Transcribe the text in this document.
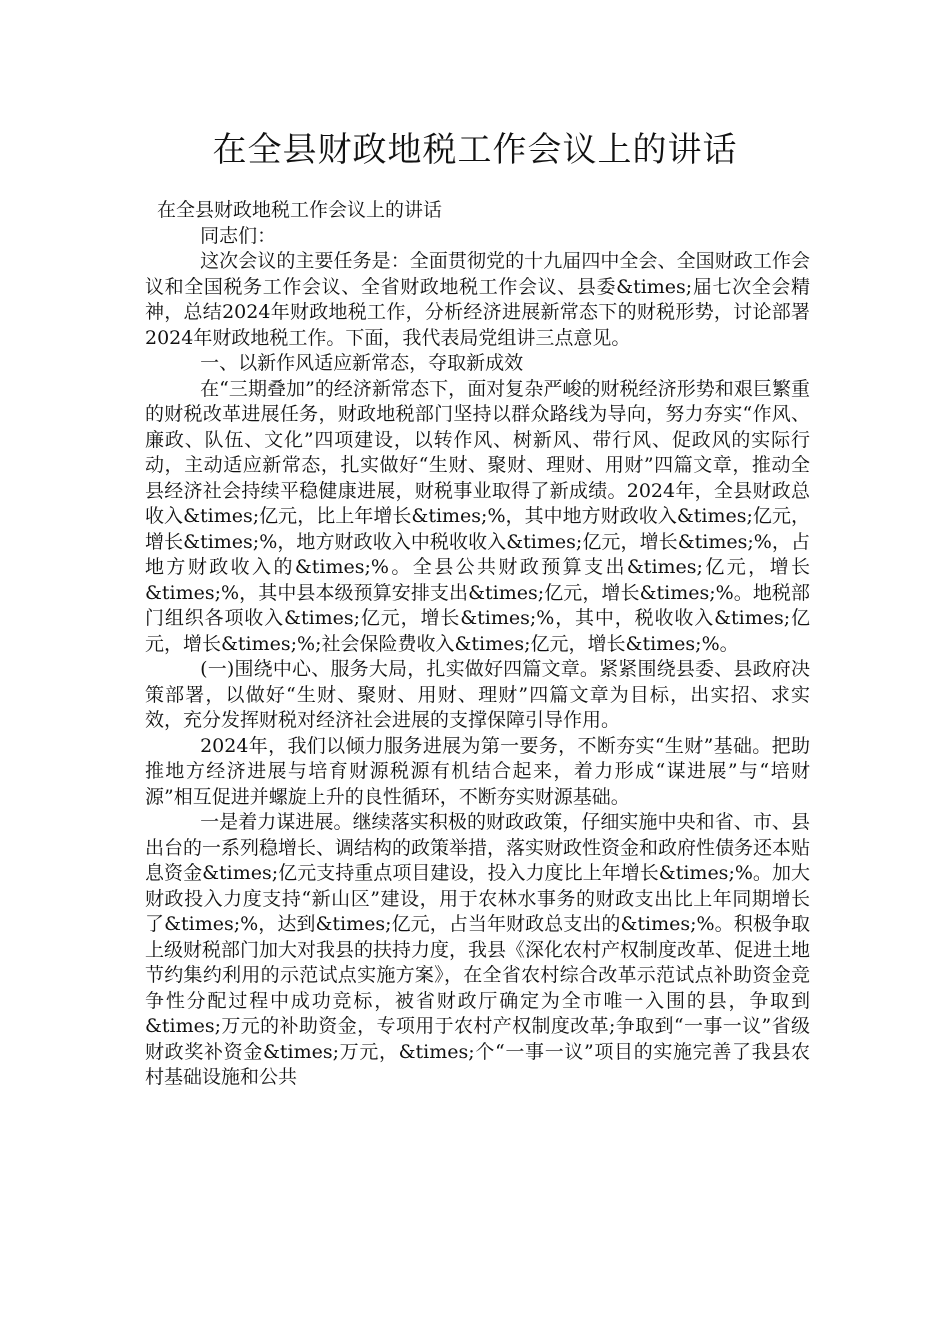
在全县财政地税工作会议上的讲话

在全县财政地税工作会议上的讲话

同志们：

这次会议的主要任务是：全面贯彻党的十九届四中全会、全国财政工作会议和全国税务工作会议、全省财政地税工作会议、县委&times;届七次全会精神，总结2024年财政地税工作，分析经济进展新常态下的财税形势，讨论部署2024年财政地税工作。下面，我代表局党组讲三点意见。

一、以新作风适应新常态，夺取新成效

在“三期叠加”的经济新常态下，面对复杂严峻的财税经济形势和艰巨繁重的财税改革进展任务，财政地税部门坚持以群众路线为导向，努力夯实“作风、廉政、队伍、文化”四项建设，以转作风、树新风、带行风、促政风的实际行动，主动适应新常态，扎实做好“生财、聚财、理财、用财”四篇文章，推动全县经济社会持续平稳健康进展，财税事业取得了新成绩。2024年，全县财政总收入&times;亿元，比上年增长&times;%，其中地方财政收入&times;亿元，增长&times;%，地方财政收入中税收收入&times;亿元，增长&times;%，占地方财政收入的&times;%。全县公共财政预算支出&times;亿元，增长&times;%，其中县本级预算安排支出&times;亿元，增长&times;%。地税部门组织各项收入&times;亿元，增长&times;%，其中，税收收入&times;亿元，增长&times;%;社会保险费收入&times;亿元，增长&times;%。

(一)围绕中心、服务大局，扎实做好四篇文章。紧紧围绕县委、县政府决策部署，以做好“生财、聚财、用财、理财”四篇文章为目标，出实招、求实效，充分发挥财税对经济社会进展的支撑保障引导作用。

2024年，我们以倾力服务进展为第一要务，不断夯实“生财”基础。把助推地方经济进展与培育财源税源有机结合起来，着力形成“谋进展”与“培财源”相互促进并螺旋上升的良性循环，不断夯实财源基础。

一是着力谋进展。继续落实积极的财政政策，仔细实施中央和省、市、县出台的一系列稳增长、调结构的政策举措，落实财政性资金和政府性债务还本贴息资金&times;亿元支持重点项目建设，投入力度比上年增长&times;%。加大财政投入力度支持“新山区”建设，用于农林水事务的财政支出比上年同期增长了&times;%，达到&times;亿元，占当年财政总支出的&times;%。积极争取上级财税部门加大对我县的扶持力度，我县《深化农村产权制度改革、促进土地节约集约利用的示范试点实施方案》，在全省农村综合改革示范试点补助资金竞争性分配过程中成功竞标，被省财政厅确定为全市唯一入围的县，争取到&times;万元的补助资金，专项用于农村产权制度改革;争取到“一事一议”省级财政奖补资金&times;万元，&times;个“一事一议”项目的实施完善了我县农村基础设施和公共
